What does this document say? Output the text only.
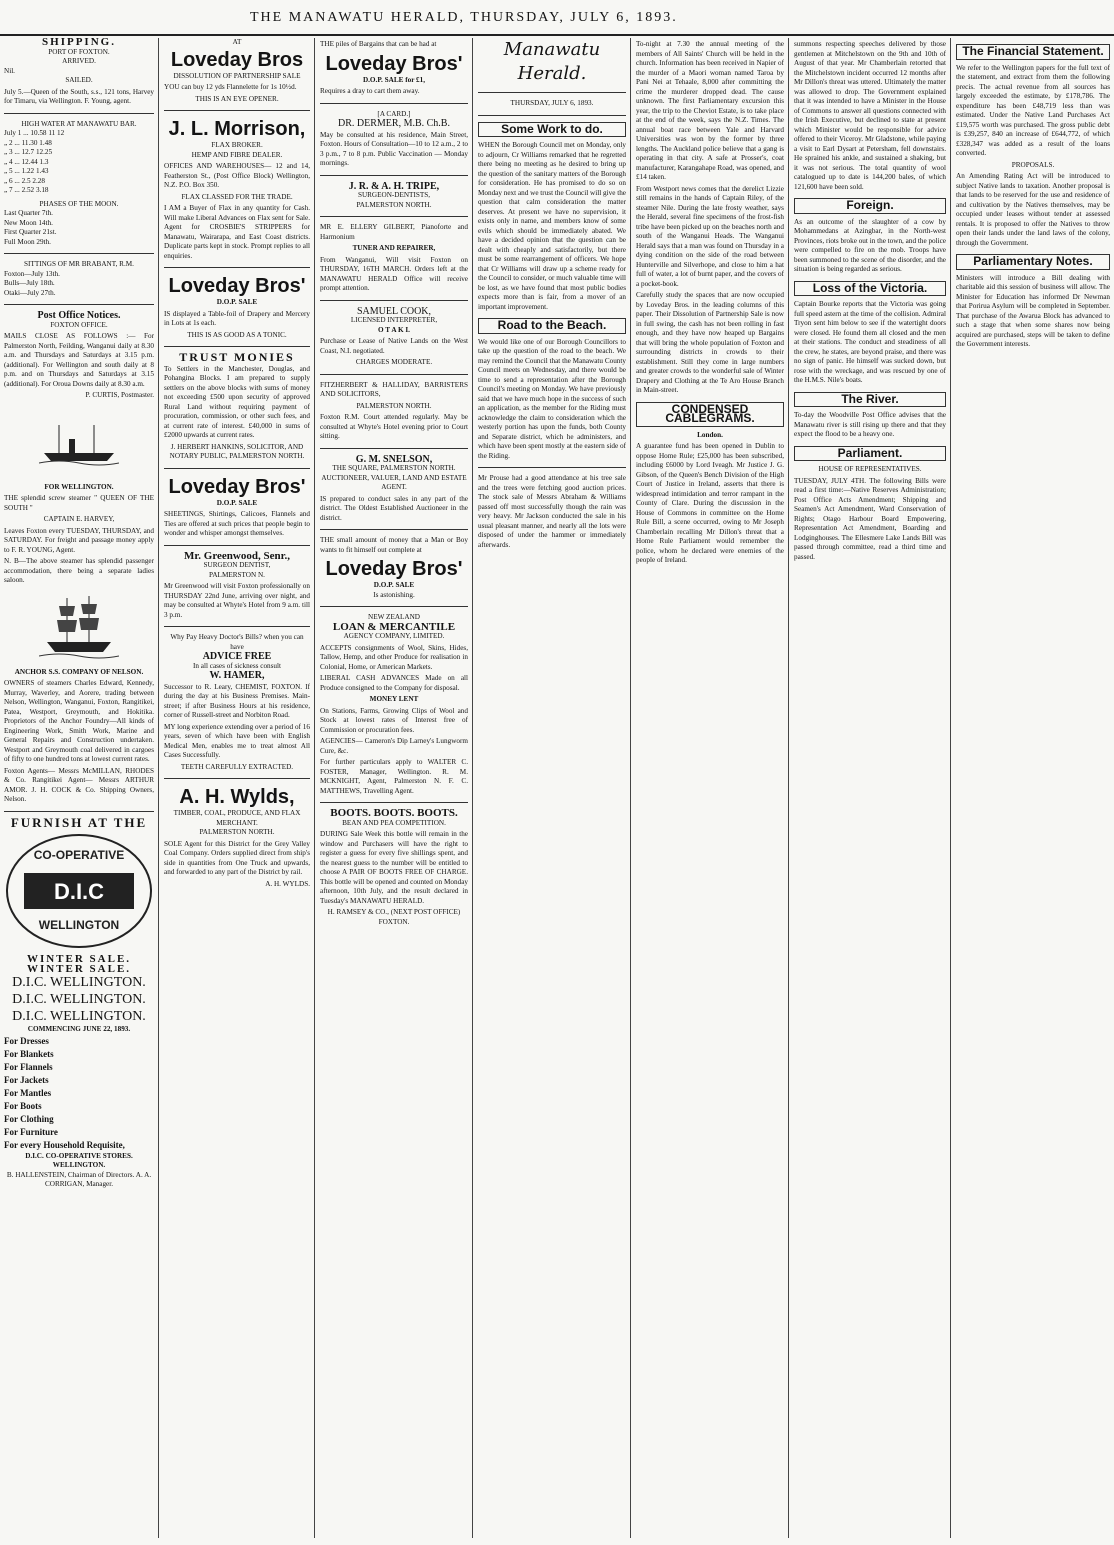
THE MANAWATU HERALD, THURSDAY, JULY 6, 1893.
SHIPPING.
PORT OF FOXTON.
ARRIVED.
Nil.
SAILED.
July 5.—Queen of the South, s.s., 121 tons, Harvey for Timaru, via Wellington. F. Young, agent.
HIGH WATER AT MANAWATU BAR.
July 1 ... 10.58 11 12
„ 2 ... 11.30 1.48
„ 3 ... 12.7 12.25
„ 4 ... 12.44 1.3
„ 5 ... 1.22 1.43
„ 6 ... 2.5 2.28
„ 7 ... 2.52 3.18
PHASES OF THE MOON.
Last Quarter 7th.
New Moon 14th.
First Quarter 21st.
Full Moon 29th.
SITTINGS OF MR BRABANT, R.M.
Foxton—July 13th.
Bulls—July 18th.
Otaki—July 27th.
Post Office Notices.
FOXTON OFFICE.
MAILS CLOSE AS FOLLOWS :— For Palmerston North, Feilding, Wanganui daily at 8.30 a.m. and Thursdays and Saturdays at 3.15 p.m. (additional). For Wellington and south daily at 8 p.m. and on Thursdays and Saturdays at 3.15 (additional). For Oroua Downs daily at 8.30 a.m.
P. CURTIS, Postmaster.
FOR WELLINGTON.
THE splendid screw steamer " QUEEN OF THE SOUTH "
CAPTAIN E. HARVEY,
Leaves Foxton every TUESDAY, THURSDAY, and SATURDAY. For freight and passage money apply to F. R. YOUNG, Agent.
N. B—The above steamer has splendid passenger accommodation, there being a separate ladies saloon.
ANCHOR S.S. COMPANY OF NELSON.
OWNERS of steamers Charles Edward, Kennedy, Murray, Waverley, and Aorere, trading between Nelson, Wellington, Wanganui, Foxton, Rangitikei, Patea, Westport, Greymouth, and Hokitika. Proprietors of the Anchor Foundry—All kinds of Engineering Work, Smith Work, Marine and General Repairs and Construction undertaken. Westport and Greymouth coal delivered in cargoes of fifty to one hundred tons at lowest current rates.
Foxton Agents— Messrs McMILLAN, RHODES & Co. Rangitikei Agent— Messrs ARTHUR AMOR. J. H. COCK & Co. Shipping Owners, Nelson.
FURNISH AT THE
D.I.C
CO-OPERATIVE
WELLINGTON
WINTER SALE.
WINTER SALE.
D.I.C. WELLINGTON.
D.I.C. WELLINGTON.
D.I.C. WELLINGTON.
COMMENCING JUNE 22, 1893.
For Dresses
For Blankets
For Flannels
For Jackets
For Mantles
For Boots
For Clothing
For Furniture
For every Household Requisite,
D.I.C. CO-OPERATIVE STORES. WELLINGTON.
B. HALLENSTEIN, Chairman of Directors. A. A. CORRIGAN, Manager.
AT
Loveday Bros
DISSOLUTION OF PARTNERSHIP SALE
YOU can buy 12 yds Flannelette for 1s 10½d.
THIS IS AN EYE OPENER.
J. L. Morrison,
FLAX BROKER.
HEMP AND FIBRE DEALER.
OFFICES AND WAREHOUSES— 12 and 14, Featherston St., (Post Office Block) Wellington, N.Z. P.O. Box 350.
FLAX CLASSED FOR THE TRADE.
I AM a Buyer of Flax in any quantity for Cash. Will make Liberal Advances on Flax sent for Sale. Agent for CROSBIE'S STRIPPERS for Manawatu, Wairarapa, and East Coast districts. Duplicate parts kept in stock. Prompt replies to all enquiries.
Loveday Bros'
D.O.P. SALE
IS displayed a Table-foil of Drapery and Mercery in Lots at 1s each.
THIS IS AS GOOD AS A TONIC.
TRUST MONIES
To Settlers in the Manchester, Douglas, and Pohangina Blocks. I am prepared to supply settlers on the above blocks with sums of money not exceeding £500 upon security of approved Rural Land without requiring payment of procuration, commission, or other such fees, and at current rate of interest. £40,000 in sums of £2000 upwards at current rates.
J. HERBERT HANKINS, SOLICITOR, AND NOTARY PUBLIC, PALMERSTON NORTH.
Loveday Bros'
D.O.P. SALE
SHEETINGS, Shirtings, Calicoes, Flannels and Ties are offered at such prices that people begin to wonder and whisper amongst themselves.
Mr. Greenwood, Senr.,
SURGEON DENTIST,
PALMERSTON N.
Mr Greenwood will visit Foxton professionally on THURSDAY 22nd June, arriving over night, and may be consulted at Whyte's Hotel from 9 a.m. till 3 p.m.
Why Pay Heavy Doctor's Bills? when you can have
ADVICE FREE
In all cases of sickness consult
W. HAMER,
Successor to R. Leary, CHEMIST, FOXTON. If during the day at his Business Premises. Main-street; if after Business Hours at his residence, corner of Russell-street and Norbiton Road.
MY long experience extending over a period of 16 years, seven of which have been with English Medical Men, enables me to treat almost All Cases Successfully.
TEETH CAREFULLY EXTRACTED.
A. H. Wylds,
TIMBER, COAL, PRODUCE, AND FLAX MERCHANT.
PALMERSTON NORTH.
SOLE Agent for this District for the Grey Valley Coal Company. Orders supplied direct from ship's side in quantities from One Truck and upwards, and forwarded to any part of the District by rail.
A. H. WYLDS.
THE piles of Bargains that can be had at
Loveday Bros'
D.O.P. SALE for £1,
Requires a dray to cart them away.
[A CARD.]
DR. DERMER, M.B. Ch.B.
May be consulted at his residence, Main Street, Foxton. Hours of Consultation—10 to 12 a.m., 2 to 3 p.m., 7 to 8 p.m. Public Vaccination — Monday mornings.
J. R. & A. H. TRIPE,
SURGEON-DENTISTS,
PALMERSTON NORTH.
MR E. ELLERY GILBERT, Pianoforte and Harmonium
TUNER AND REPAIRER,
From Wanganui, Will visit Foxton on THURSDAY, 16TH MARCH. Orders left at the MANAWATU HERALD Office will receive prompt attention.
SAMUEL COOK,
LICENSED INTERPRETER,
O T A K I.
Purchase or Lease of Native Lands on the West Coast, N.I. negotiated.
CHARGES MODERATE.
FITZHERBERT & HALLIDAY, BARRISTERS AND SOLICITORS,
PALMERSTON NORTH.
Foxton R.M. Court attended regularly. May be consulted at Whyte's Hotel evening prior to Court sitting.
G. M. SNELSON,
THE SQUARE, PALMERSTON NORTH.
AUCTIONEER, VALUER, LAND AND ESTATE AGENT.
IS prepared to conduct sales in any part of the district. The Oldest Established Auctioneer in the district.
THE small amount of money that a Man or Boy wants to fit himself out complete at
Loveday Bros'
D.O.P. SALE
Is astonishing.
NEW ZEALAND
LOAN & MERCANTILE
AGENCY COMPANY, LIMITED.
ACCEPTS consignments of Wool, Skins, Hides, Tallow, Hemp, and other Produce for realisation in Colonial, Home, or American Markets.
LIBERAL CASH ADVANCES Made on all Produce consigned to the Company for disposal.
MONEY LENT
On Stations, Farms, Growing Clips of Wool and Stock at lowest rates of Interest free of Commission or procuration fees.
AGENCIES— Cameron's Dip Larney's Lungworm Cure, &c.
For further particulars apply to WALTER C. FOSTER, Manager, Wellington. R. M. MCKNIGHT, Agent, Palmerston N. F. C. MATTHEWS, Travelling Agent.
BOOTS. BOOTS. BOOTS.
BEAN AND PEA COMPETITION.
DURING Sale Week this bottle will remain in the window and Purchasers will have the right to register a guess for every five shillings spent, and the nearest guess to the number will be entitled to choose A PAIR OF BOOTS FREE OF CHARGE. This bottle will be opened and counted on Monday afternoon, 10th July, and the result declared in Tuesday's MANAWATU HERALD.
H. RAMSEY & CO., (NEXT POST OFFICE) FOXTON.
Manawatu Herald.
THURSDAY, JULY 6, 1893.
Some Work to do.
WHEN the Borough Council met on Monday, only to adjourn, Cr Williams remarked that he regretted there being no meeting as he desired to bring up the question of the sanitary matters of the Borough for consideration. He has promised to do so on Monday next and we trust the Council will give the question that calm consideration the matter deserves. At present we have no supervision, it exists only in name, and members know of some evils which should be immediately abated. We have a decided opinion that the question can be dealt with cheaply and satisfactorily, but there must be some rearrangement of officers. We hope that Cr Williams will draw up a scheme ready for the Council to consider, or much valuable time will be lost, as we have found that most public bodies expects more than is fair, from a mover of an important improvement.
Road to the Beach.
We would like one of our Borough Councillors to take up the question of the road to the beach. We may remind the Council that the Manawatu County Council meets on Wednesday, and there would be time to send a representation after the Borough Council's meeting on Monday. We have previously said that we have much hope in the success of such an application, as the member for the Riding must acknowledge the claim to consideration which the westerly portion has upon the funds, both County and Separate district, which he administers, and which have been spent mostly at the eastern side of the Riding.
Mr Prouse had a good attendance at his tree sale and the trees were fetching good auction prices. The stock sale of Messrs Abraham & Williams passed off most successfully though the rain was very heavy. Mr Jackson conducted the sale in his usual pleasant manner, and nearly all the lots were disposed of under the hammer or immediately afterwards.
To-night at 7.30 the annual meeting of the members of All Saints' Church will be held in the church. Information has been received in Napier of the murder of a Maori woman named Taroa by Pani Nei at Tehaale, 8,000 after committing the crime the murderer dropped dead. The cause unknown. The first Parliamentary excursion this year, the trip to the Cheviot Estate, is to take place at the end of the week, says the N.Z. Times. The annual boat race between Yale and Harvard Universities was won by the former by three lengths. The Auckland police believe that a gang is operating in that city. A safe at Prosser's, coat manufacturer, Karangahape Road, was opened, and £14 taken.
From Westport news comes that the derelict Lizzie still remains in the hands of Captain Riley, of the steamer Nile. During the late frosty weather, says the Herald, several fine specimens of the frost-fish tribe have been picked up on the beaches north and south of the Wanganui Heads. The Wanganui Herald says that a man was found on Thursday in a dying condition on the side of the road between Hunterville and Silverhope, and close to him a hat full of water, a lot of burnt paper, and the covers of a pocket-book.
Carefully study the spaces that are now occupied by Loveday Bros. in the leading columns of this paper. Their Dissolution of Partnership Sale is now in full swing, the cash has not been rolling in fast enough, and they have now heaped up Bargains that will bring the whole population of Foxton and surrounding districts in crowds to their establishment. Still they come in large numbers and greater crowds to the wonderful sale of Winter Drapery and Clothing at the Te Aro House Branch in Main-street.
CONDENSED CABLEGRAMS.
London.
A guarantee fund has been opened in Dublin to oppose Home Rule; £25,000 has been subscribed, including £6000 by Lord Iveagh. Mr Justice J. G. Gibson, of the Queen's Bench Division of the High Court of Justice in Ireland, asserts that there is widespread intimidation and terror rampant in the County of Clare. During the discussion in the House of Commons in committee on the Home Rule Bill, a scene occurred, owing to Mr Joseph Chamberlain recalling Mr Dillon's threat that a Home Rule Parliament would remember the police, whom he declared were enemies of the people of Ireland.
summons respecting speeches delivered by those gentlemen at Mitchelstown on the 9th and 10th of August of that year. Mr Chamberlain retorted that the Mitchelstown incident occurred 12 months after Mr Dillon's threat was uttered. Ultimately the matter was allowed to drop. The Government explained that it was intended to have a Minister in the House of Commons to answer all questions connected with the Irish Executive, but declined to state at present which Minister would be responsible for advice offered to their Viceroy. Mr Gladstone, while paying a visit to Earl Dysart at Petersham, fell downstairs. He sprained his ankle, and sustained a shaking, but it was not serious. The total quantity of wool catalogued up to date is 144,200 bales, of which 121,600 have been sold.
Foreign.
As an outcome of the slaughter of a cow by Mohammedans at Azingbar, in the North-west Provinces, riots broke out in the town, and the police were compelled to fire on the mob. Troops have been summoned to the scene of the disorder, and the situation is being regarded as serious.
Loss of the Victoria.
Captain Bourke reports that the Victoria was going full speed astern at the time of the collision. Admiral Tryon sent him below to see if the watertight doors were closed. He found them all closed and the men at their stations. The conduct and steadiness of all the crew, he states, are beyond praise, and there was no sign of panic. He himself was sucked down, but rose with the wreckage, and was rescued by one of the H.M.S. Nile's boats.
The River.
To-day the Woodville Post Office advises that the Manawatu river is still rising up there and that they expect the flood to be a heavy one.
Parliament.
HOUSE OF REPRESENTATIVES.
TUESDAY, JULY 4TH. The following Bills were read a first time:—Native Reserves Administration; Post Office Acts Amendment; Shipping and Seamen's Act Amendment, Ward Conservation of Rights; Otago Harbour Board Empowering, Representation Act Amendment, Boarding and Lodginghouses. The Ellesmere Lake Lands Bill was passed through committee, read a third time and passed.
The Financial Statement.
We refer to the Wellington papers for the full text of the statement, and extract from them the following precis. The actual revenue from all sources has largely exceeded the estimate, by £178,786. The expenditure has been £48,719 less than was estimated. Under the Native Land Purchases Act £19,575 worth was purchased. The gross public debt is £39,257, 840 an increase of £644,772, of which £328,347 was added as a result of the loans converted.
PROPOSALS.
An Amending Rating Act will be introduced to subject Native lands to taxation. Another proposal is that lands to be reserved for the use and residence of and cultivation by the Natives themselves, may be occupied under leases without tender at assessed rentals. It is proposed to offer the Natives to throw open their lands under the land laws of the colony, through the Government.
Parliamentary Notes.
Ministers will introduce a Bill dealing with charitable aid this session of business will allow. The Minister for Education has informed Dr Newman that Porirua Asylum will be completed in September. That purchase of the Awarua Block has advanced to such a stage that when some shares now being acquired are purchased, steps will be taken to define the Government interests.
